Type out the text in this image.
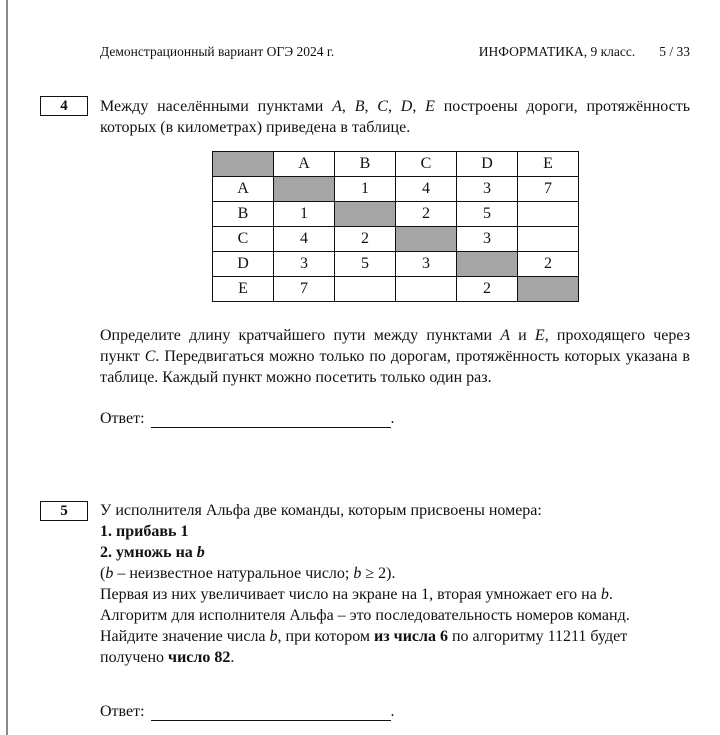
Демонстрационный вариант ОГЭ 2024 г.	ИНФОРМАТИКА, 9 класс. 5 / 33
4	Между населёнными пунктами A, B, C, D, E построены дороги, протяжённость которых (в километрах) приведена в таблице.

	A	B	C	D	E
A		1	4	3	7
B	1		2	5	
C	4	2		3	
D	3	5	3		2
E	7			2	

Определите длину кратчайшего пути между пунктами A и E, проходящего через пункт C. Передвигаться можно только по дорогам, протяжённость которых указана в таблице. Каждый пункт можно посетить только один раз.

Ответ:	.
5	У исполнителя Альфа две команды, которым присвоены номера:

1. прибавь 1

2. умножь на b

(b – неизвестное натуральное число; b ≥ 2).

Первая из них увеличивает число на экране на 1, вторая умножает его на b.

Алгоритм для исполнителя Альфа – это последовательность номеров команд.

Найдите значение числа b, при котором из числа 6 по алгоритму 11211 будет получено число 82.

Ответ:	.
